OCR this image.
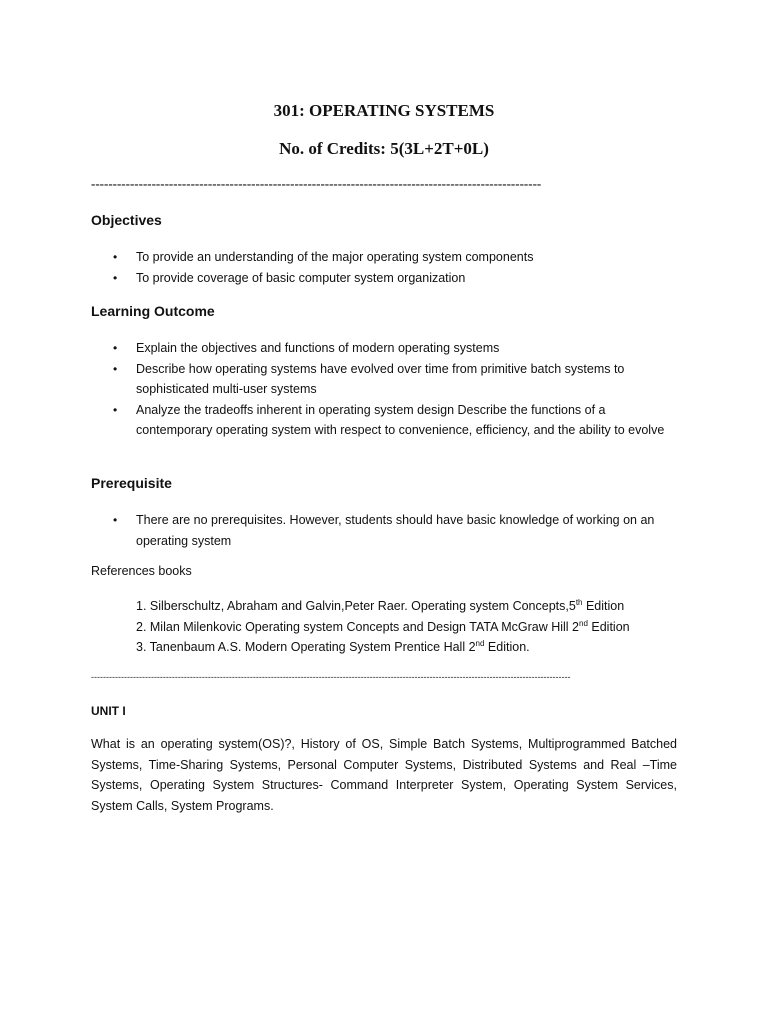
301: OPERATING SYSTEMS
No. of Credits: 5(3L+2T+0L)
--------------------------------------------------------------------------------------------------------
Objectives
• To provide an understanding of the major operating system components
• To provide coverage of basic computer system organization
Learning Outcome
• Explain the objectives and functions of modern operating systems
• Describe how operating systems have evolved over time from primitive batch systems to sophisticated multi-user systems
• Analyze the tradeoffs inherent in operating system design Describe the functions of a contemporary operating system with respect to convenience, efficiency, and the ability to evolve
Prerequisite
• There are no prerequisites. However, students should have basic knowledge of working on an operating system
References books
1. Silberschultz, Abraham and Galvin,Peter Raer. Operating system Concepts,5th Edition
2. Milan Milenkovic Operating system Concepts and Design TATA McGraw Hill 2nd Edition
3. Tanenbaum A.S. Modern Operating System Prentice Hall 2nd Edition.
----------------------------------------------------------------------------------------------------------------------------------------------------------------
UNIT I
What is an operating system(OS)?, History of OS, Simple Batch Systems, Multiprogrammed Batched Systems, Time-Sharing Systems, Personal Computer Systems, Distributed Systems and Real –Time Systems, Operating System Structures- Command Interpreter System, Operating System Services, System Calls, System Programs.
